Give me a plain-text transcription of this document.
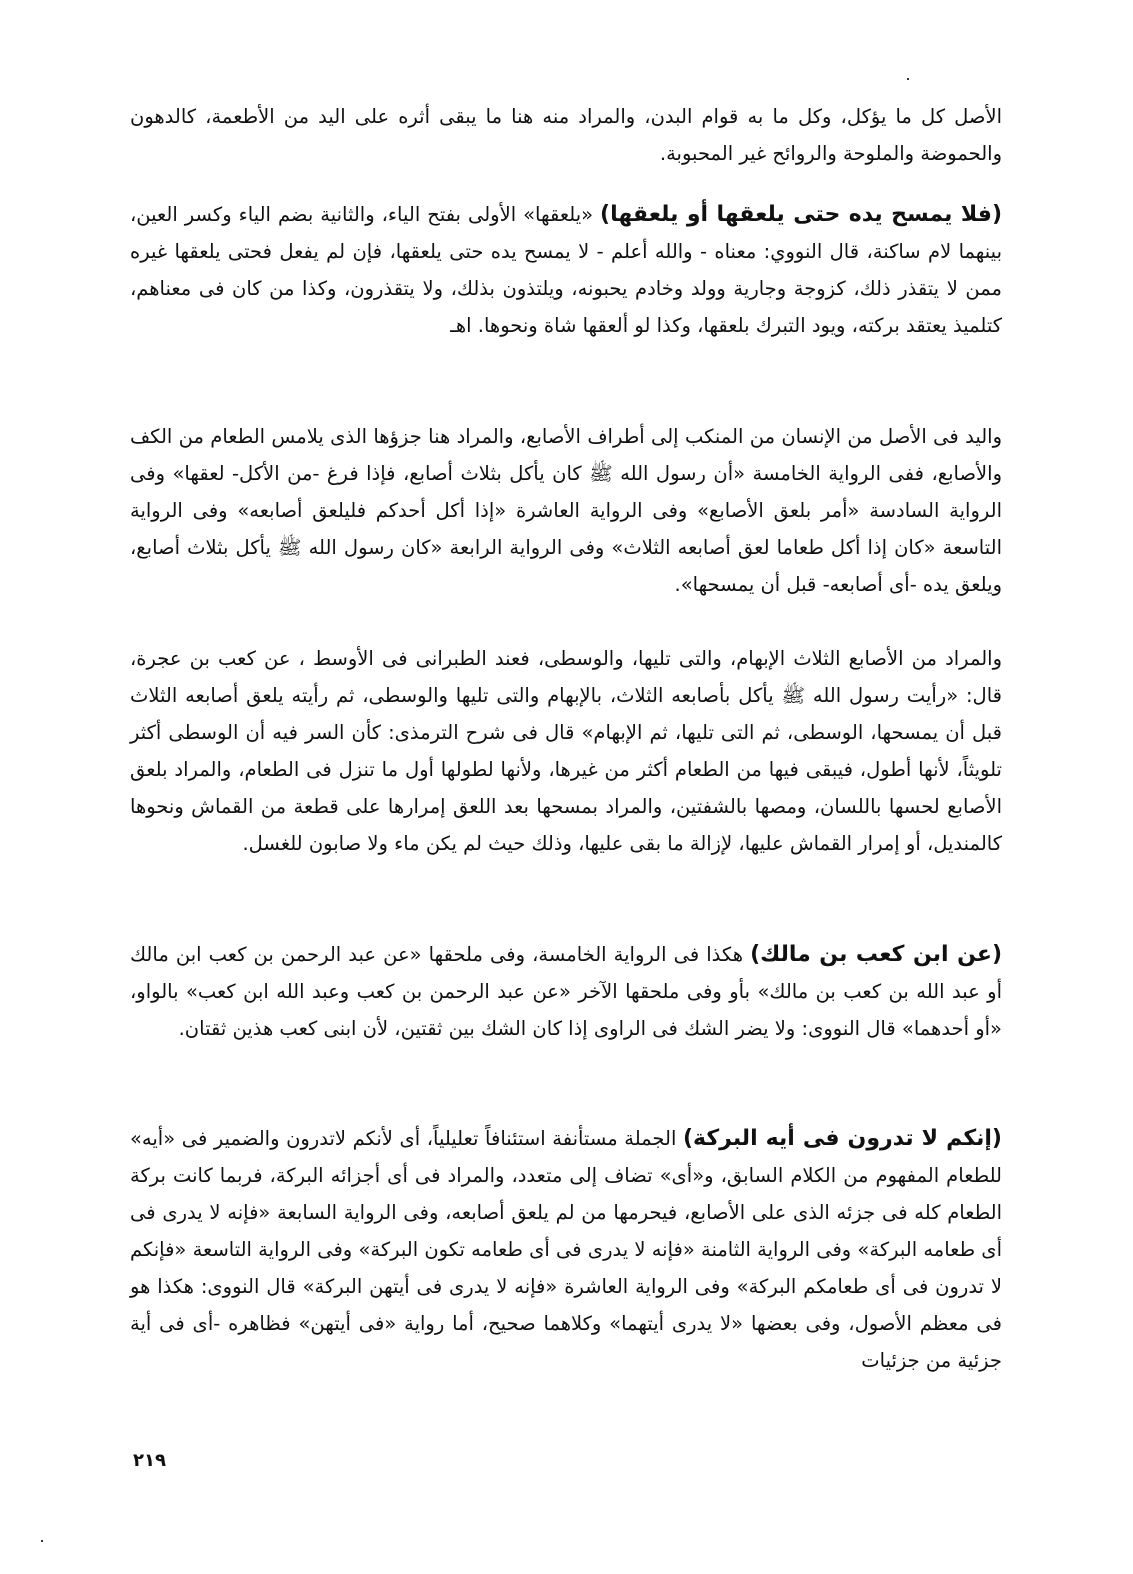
الأصل كل ما يؤكل، وكل ما به قوام البدن، والمراد منه هنا ما يبقى أثره على اليد من الأطعمة، كالدهون والحموضة والملوحة والروائح غير المحبوبة.

(فلا يمسح يده حتى يلعقها أو يلعقها) «يلعقها» الأولى بفتح الياء، والثانية بضم الياء وكسر العين، بينهما لام ساكنة، قال النووي: معناه - والله أعلم - لا يمسح يده حتى يلعقها، فإن لم يفعل فحتى يلعقها غيره ممن لا يتقذر ذلك، كزوجة وجارية وولد وخادم يحبونه، ويلتذون بذلك، ولا يتقذرون، وكذا من كان فى معناهم، كتلميذ يعتقد بركته، ويود التبرك بلعقها، وكذا لو ألعقها شاة ونحوها. اهـ

واليد فى الأصل من الإنسان من المنكب إلى أطراف الأصابع، والمراد هنا جزؤها الذى يلامس الطعام من الكف والأصابع، ففى الرواية الخامسة «أن رسول الله ﷺ كان يأكل بثلاث أصابع، فإذا فرغ -من الأكل- لعقها» وفى الرواية السادسة «أمر بلعق الأصابع» وفى الرواية العاشرة «إذا أكل أحدكم فليلعق أصابعه» وفى الرواية التاسعة «كان إذا أكل طعاما لعق أصابعه الثلاث» وفى الرواية الرابعة «كان رسول الله ﷺ يأكل بثلاث أصابع، ويلعق يده -أى أصابعه- قبل أن يمسحها».

والمراد من الأصابع الثلاث الإبهام، والتى تليها، والوسطى، فعند الطبرانى فى الأوسط ، عن كعب بن عجرة، قال: «رأيت رسول الله ﷺ يأكل بأصابعه الثلاث، بالإبهام والتى تليها والوسطى، ثم رأيته يلعق أصابعه الثلاث قبل أن يمسحها، الوسطى، ثم التى تليها، ثم الإبهام» قال فى شرح الترمذى: كأن السر فيه أن الوسطى أكثر تلويثاً، لأنها أطول، فيبقى فيها من الطعام أكثر من غيرها، ولأنها لطولها أول ما تنزل فى الطعام، والمراد بلعق الأصابع لحسها باللسان، ومصها بالشفتين، والمراد بمسحها بعد اللعق إمرارها على قطعة من القماش ونحوها كالمنديل، أو إمرار القماش عليها، لإزالة ما بقى عليها، وذلك حيث لم يكن ماء ولا صابون للغسل.

(عن ابن كعب بن مالك) هكذا فى الرواية الخامسة، وفى ملحقها «عن عبد الرحمن بن كعب ابن مالك أو عبد الله بن كعب بن مالك» بأو وفى ملحقها الآخر «عن عبد الرحمن بن كعب وعبد الله ابن كعب» بالواو، «أو أحدهما» قال النووى: ولا يضر الشك فى الراوى إذا كان الشك بين ثقتين، لأن ابنى كعب هذين ثقتان.

(إنكم لا تدرون فى أيه البركة) الجملة مستأنفة استئنافاً تعليلياً، أى لأنكم لاتدرون والضمير فى «أيه» للطعام المفهوم من الكلام السابق، و«أى» تضاف إلى متعدد، والمراد فى أى أجزائه البركة، فربما كانت بركة الطعام كله فى جزئه الذى على الأصابع، فيحرمها من لم يلعق أصابعه، وفى الرواية السابعة «فإنه لا يدرى فى أى طعامه البركة» وفى الرواية الثامنة «فإنه لا يدرى فى أى طعامه تكون البركة» وفى الرواية التاسعة «فإنكم لا تدرون فى أى طعامكم البركة» وفى الرواية العاشرة «فإنه لا يدرى فى أيتهن البركة» قال النووى: هكذا هو فى معظم الأصول، وفى بعضها «لا يدرى أيتهما» وكلاهما صحيح، أما رواية «فى أيتهن» فظاهره -أى فى أية جزئية من جزئيات

٢١٩
